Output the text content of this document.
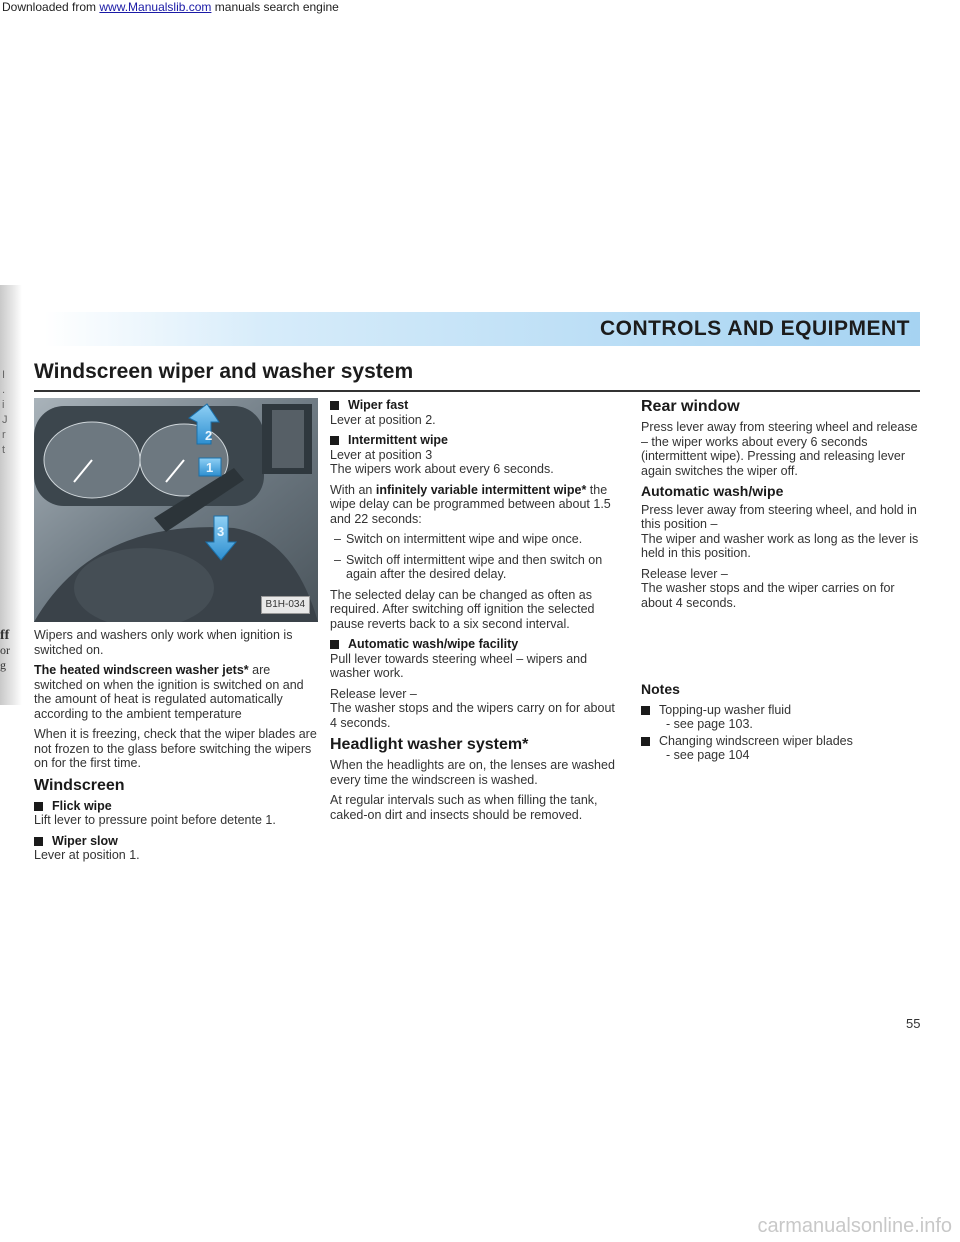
Downloaded from www.Manualslib.com manuals search engine
I
.
i
J
r
t
ff
or
g
CONTROLS AND EQUIPMENT
Windscreen wiper and washer system
2
1
3
B1H-034

Wipers and washers only work when ignition is switched on.

The heated windscreen washer jets* are switched on when the ignition is switched on and the amount of heat is regulated automatically according to the ambient temperature

When it is freezing, check that the wiper blades are not frozen to the glass before switching the wipers on for the first time.

Windscreen
Flick wipe

Lift lever to pressure point before detente 1.

Wiper slow

Lever at position 1.

Wiper fast

Lever at position 2.

Intermittent wipe

Lever at position 3

The wipers work about every 6 seconds.

With an infinitely variable intermittent wipe* the wipe delay can be programmed between about 1.5 and 22 seconds:

– Switch on intermittent wipe and wipe once.
– Switch off intermittent wipe and then switch on again after the desired delay.

The selected delay can be changed as often as required. After switching off ignition the selected pause reverts back to a six second interval.

Automatic wash/wipe facility

Pull lever towards steering wheel – wipers and washer work.

Release lever –

The washer stops and the wipers carry on for about 4 seconds.

Headlight washer system*

When the headlights are on, the lenses are washed every time the windscreen is washed.

At regular intervals such as when filling the tank, caked-on dirt and insects should be removed.

Rear window

Press lever away from steering wheel and release – the wiper works about every 6 seconds (intermittent wipe). Pressing and releasing lever again switches the wiper off.

Automatic wash/wipe

Press lever away from steering wheel, and hold in this position –

The wiper and washer work as long as the lever is held in this position.

Release lever –

The washer stops and the wiper carries on for about 4 seconds.

Notes
Topping-up washer fluid
- see page 103.
Changing windscreen wiper blades
- see page 104
55
carmanualsonline.info
